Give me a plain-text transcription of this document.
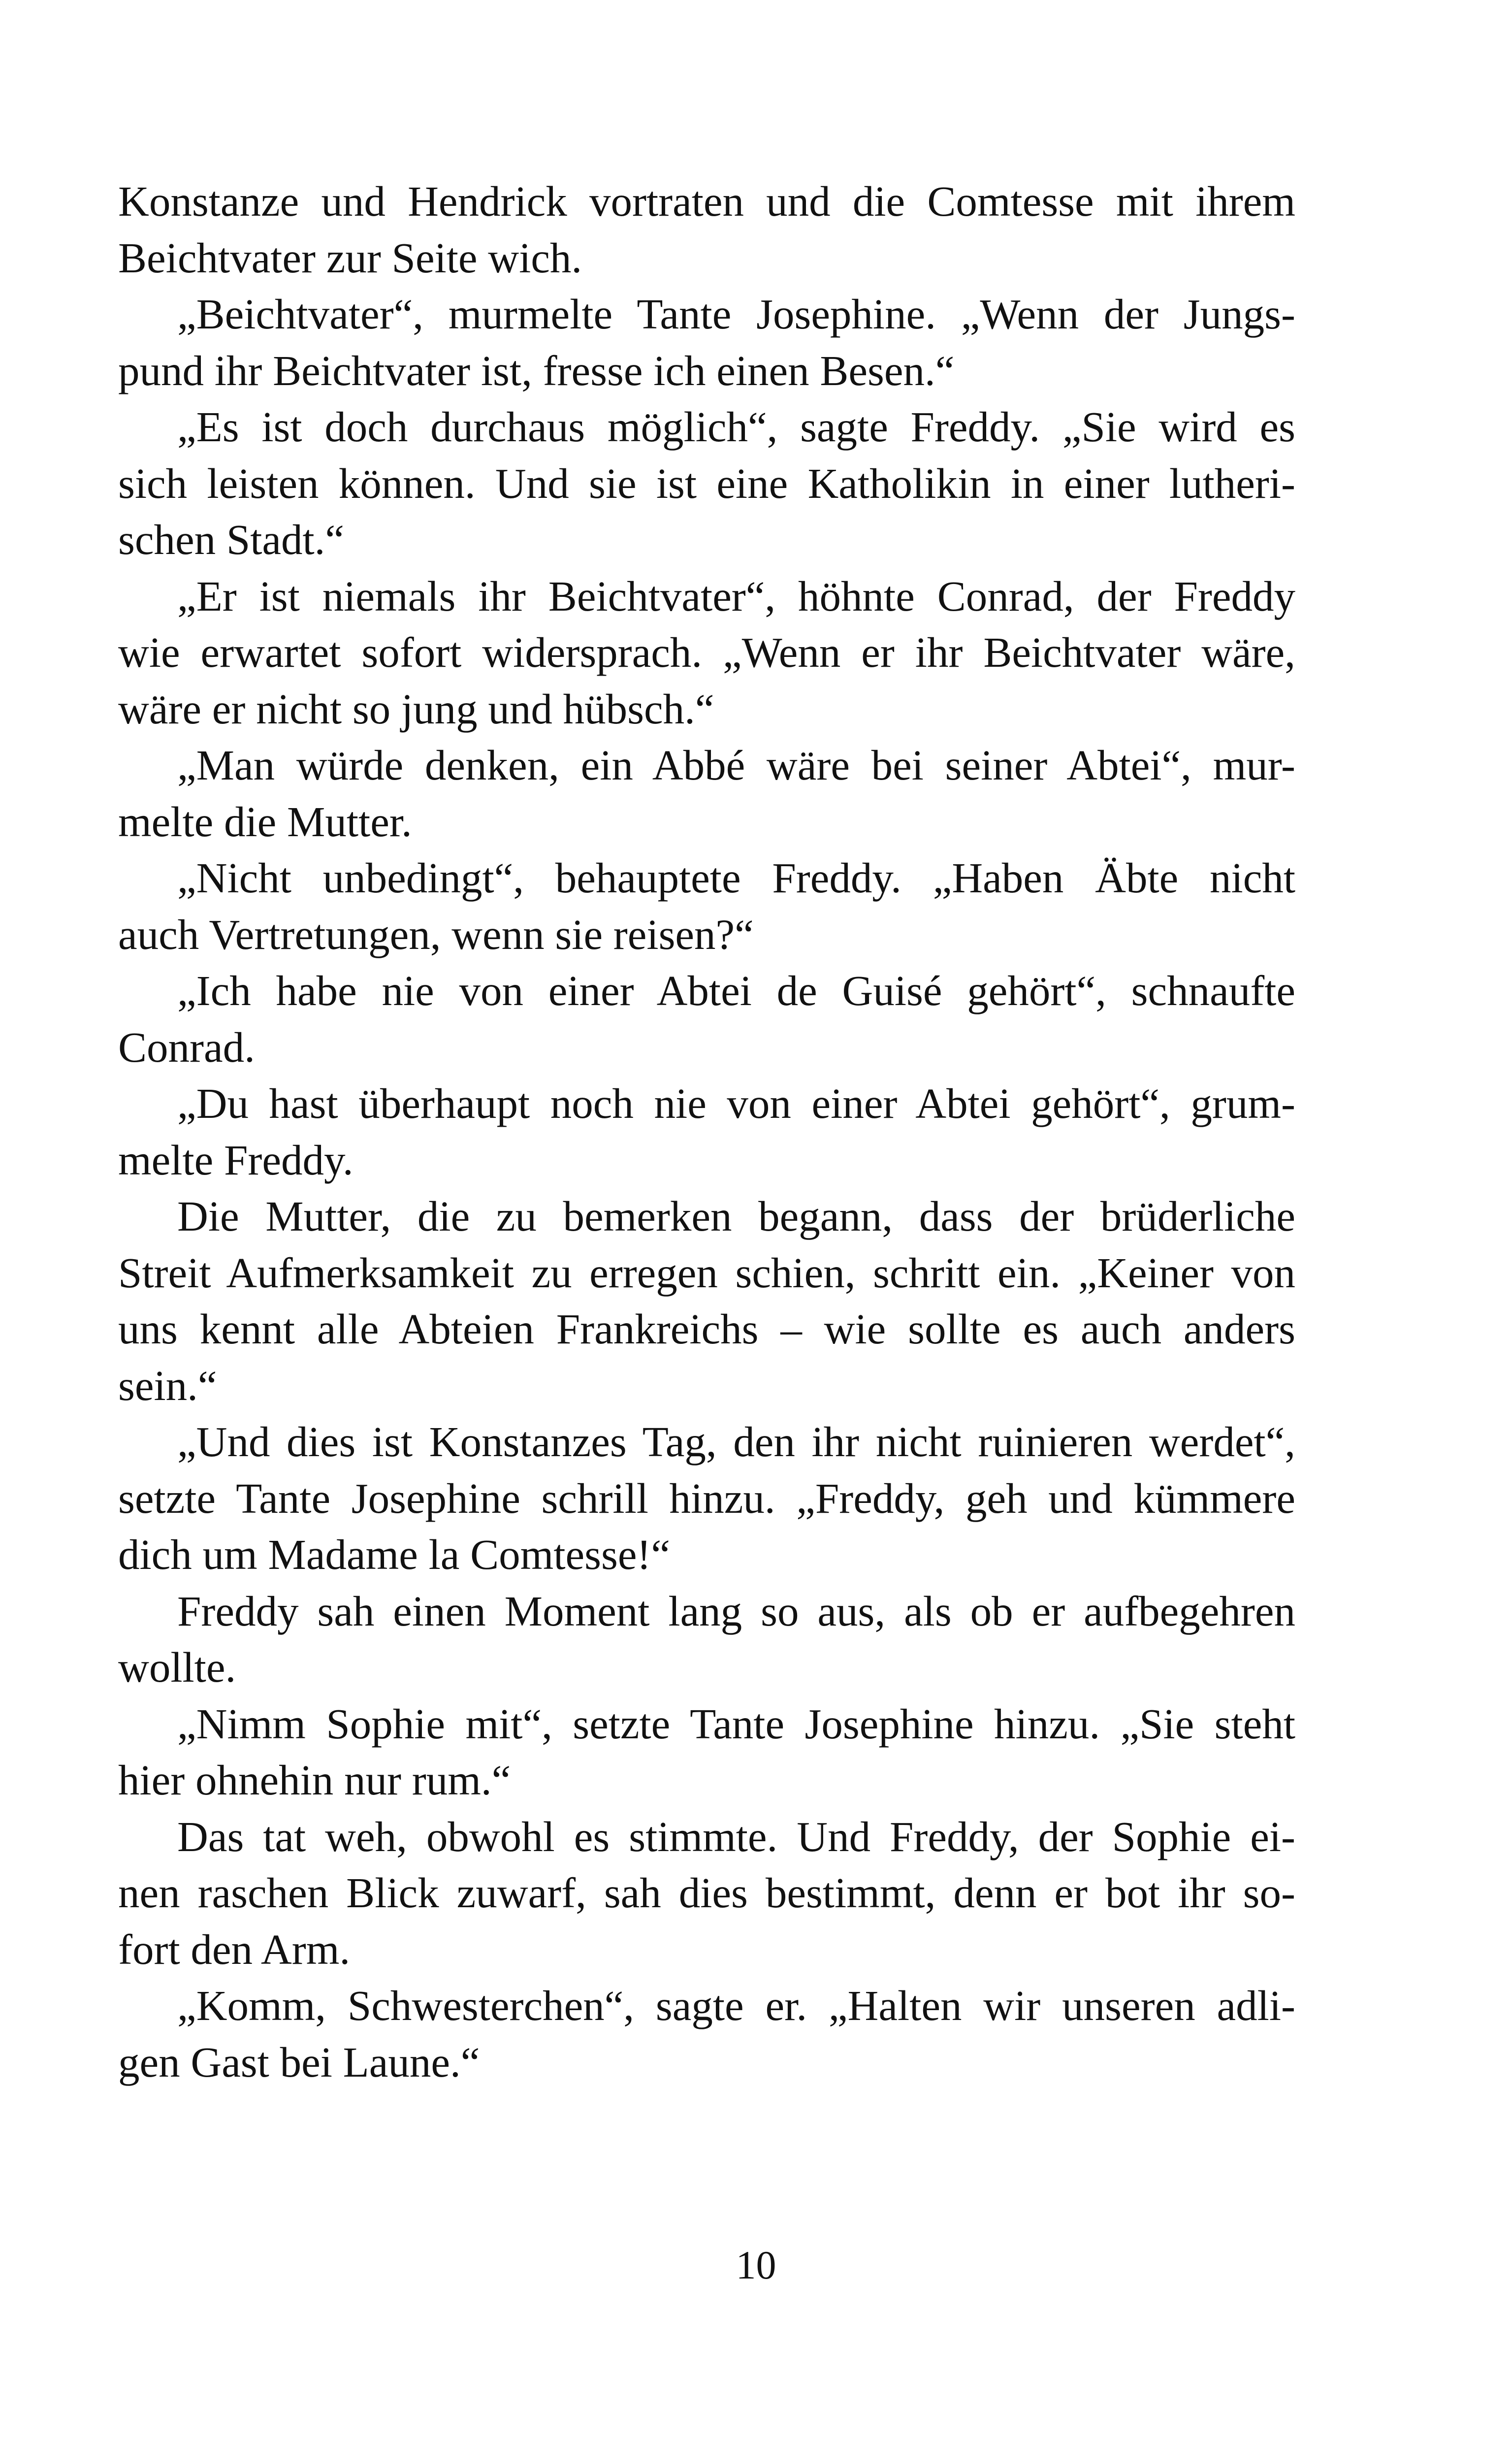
Konstanze und Hendrick vortraten und die Comtesse mit ihrem
Beichtvater zur Seite wich.
„Beichtvater“, murmelte Tante Josephine. „Wenn der Jungs-
pund ihr Beichtvater ist, fresse ich einen Besen.“
„Es ist doch durchaus möglich“, sagte Freddy. „Sie wird es
sich leisten können. Und sie ist eine Katholikin in einer lutheri-
schen Stadt.“
„Er ist niemals ihr Beichtvater“, höhnte Conrad, der Freddy
wie erwartet sofort widersprach. „Wenn er ihr Beichtvater wäre,
wäre er nicht so jung und hübsch.“
„Man würde denken, ein Abbé wäre bei seiner Abtei“, mur-
melte die Mutter.
„Nicht unbedingt“, behauptete Freddy. „Haben Äbte nicht
auch Vertretungen, wenn sie reisen?“
„Ich habe nie von einer Abtei de Guisé gehört“, schnaufte
Conrad.
„Du hast überhaupt noch nie von einer Abtei gehört“, grum-
melte Freddy.
Die Mutter, die zu bemerken begann, dass der brüderliche
Streit Aufmerksamkeit zu erregen schien, schritt ein. „Keiner von
uns kennt alle Abteien Frankreichs – wie sollte es auch anders
sein.“
„Und dies ist Konstanzes Tag, den ihr nicht ruinieren werdet“,
setzte Tante Josephine schrill hinzu. „Freddy, geh und kümmere
dich um Madame la Comtesse!“
Freddy sah einen Moment lang so aus, als ob er aufbegehren
wollte.
„Nimm Sophie mit“, setzte Tante Josephine hinzu. „Sie steht
hier ohnehin nur rum.“
Das tat weh, obwohl es stimmte. Und Freddy, der Sophie ei-
nen raschen Blick zuwarf, sah dies bestimmt, denn er bot ihr so-
fort den Arm.
„Komm, Schwesterchen“, sagte er. „Halten wir unseren adli-
gen Gast bei Laune.“
10
